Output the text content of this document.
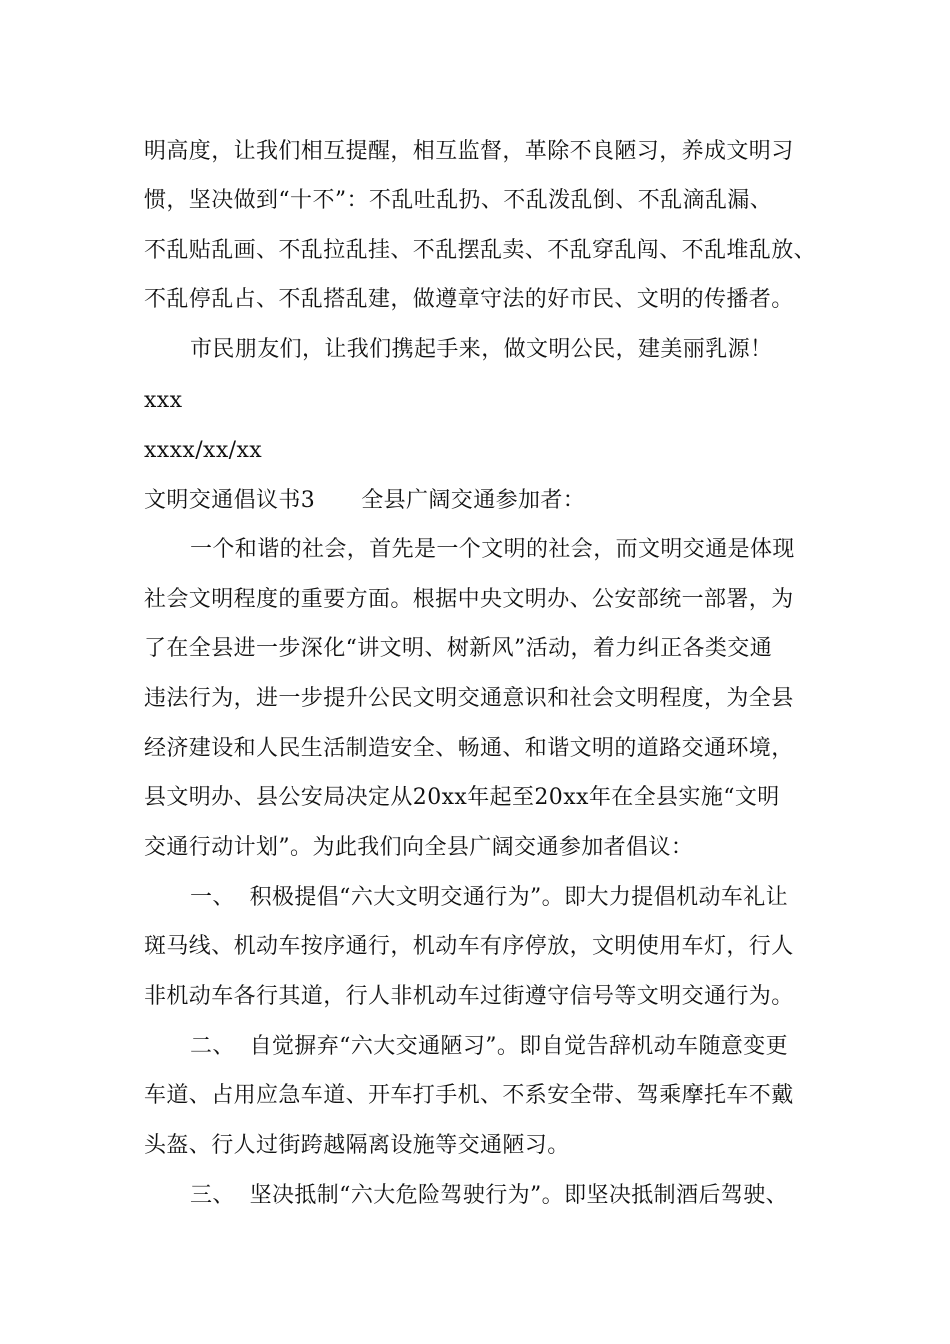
明高度，让我们相互提醒，相互监督，革除不良陋习，养成文明习
惯，坚决做到“十不”：不乱吐乱扔、不乱泼乱倒、不乱滴乱漏、
不乱贴乱画、不乱拉乱挂、不乱摆乱卖、不乱穿乱闯、不乱堆乱放、
不乱停乱占、不乱搭乱建，做遵章守法的好市民、文明的传播者。
市民朋友们，让我们携起手来，做文明公民，建美丽乳源！
xxx
xxxx/xx/xx
文明交通倡议书3 全县广阔交通参加者：
一个和谐的社会，首先是一个文明的社会，而文明交通是体现
社会文明程度的重要方面。根据中央文明办、公安部统一部署，为
了在全县进一步深化“讲文明、树新风”活动，着力纠正各类交通
违法行为，进一步提升公民文明交通意识和社会文明程度，为全县
经济建设和人民生活制造安全、畅通、和谐文明的道路交通环境，
县文明办、县公安局决定从20xx年起至20xx年在全县实施“文明
交通行动计划”。为此我们向全县广阔交通参加者倡议：
一、  积极提倡“六大文明交通行为”。即大力提倡机动车礼让
斑马线、机动车按序通行，机动车有序停放，文明使用车灯，行人
非机动车各行其道，行人非机动车过街遵守信号等文明交通行为。
二、  自觉摒弃“六大交通陋习”。即自觉告辞机动车随意变更
车道、占用应急车道、开车打手机、不系安全带、驾乘摩托车不戴
头盔、行人过街跨越隔离设施等交通陋习。
三、  坚决抵制“六大危险驾驶行为”。即坚决抵制酒后驾驶、
